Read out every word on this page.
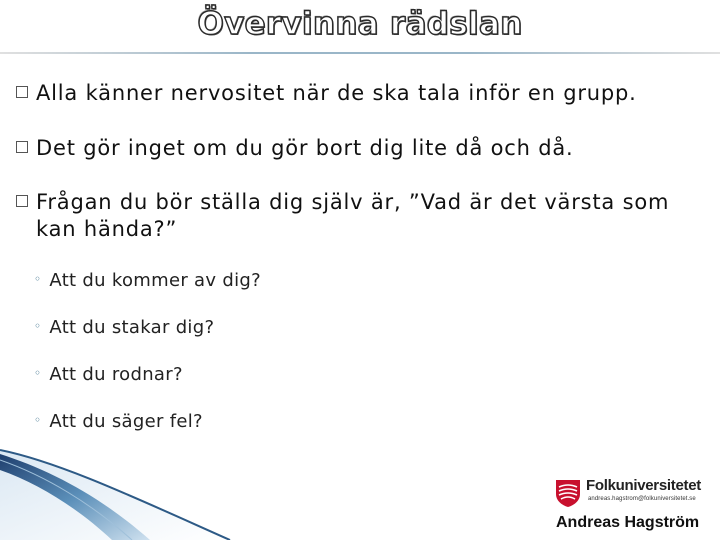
Övervinna rädslan
Alla känner nervositet när de ska tala inför en grupp.
Det gör inget om du gör bort dig lite då och då.
Frågan du bör ställa dig själv är, ”Vad är det värsta som
kan hända?”
◦ Att du kommer av dig?
◦ Att du stakar dig?
◦ Att du rodnar?
◦ Att du säger fel?
Folkuniversitetet
andreas.hagstrom@folkuniversitetet.se
Andreas Hagström
